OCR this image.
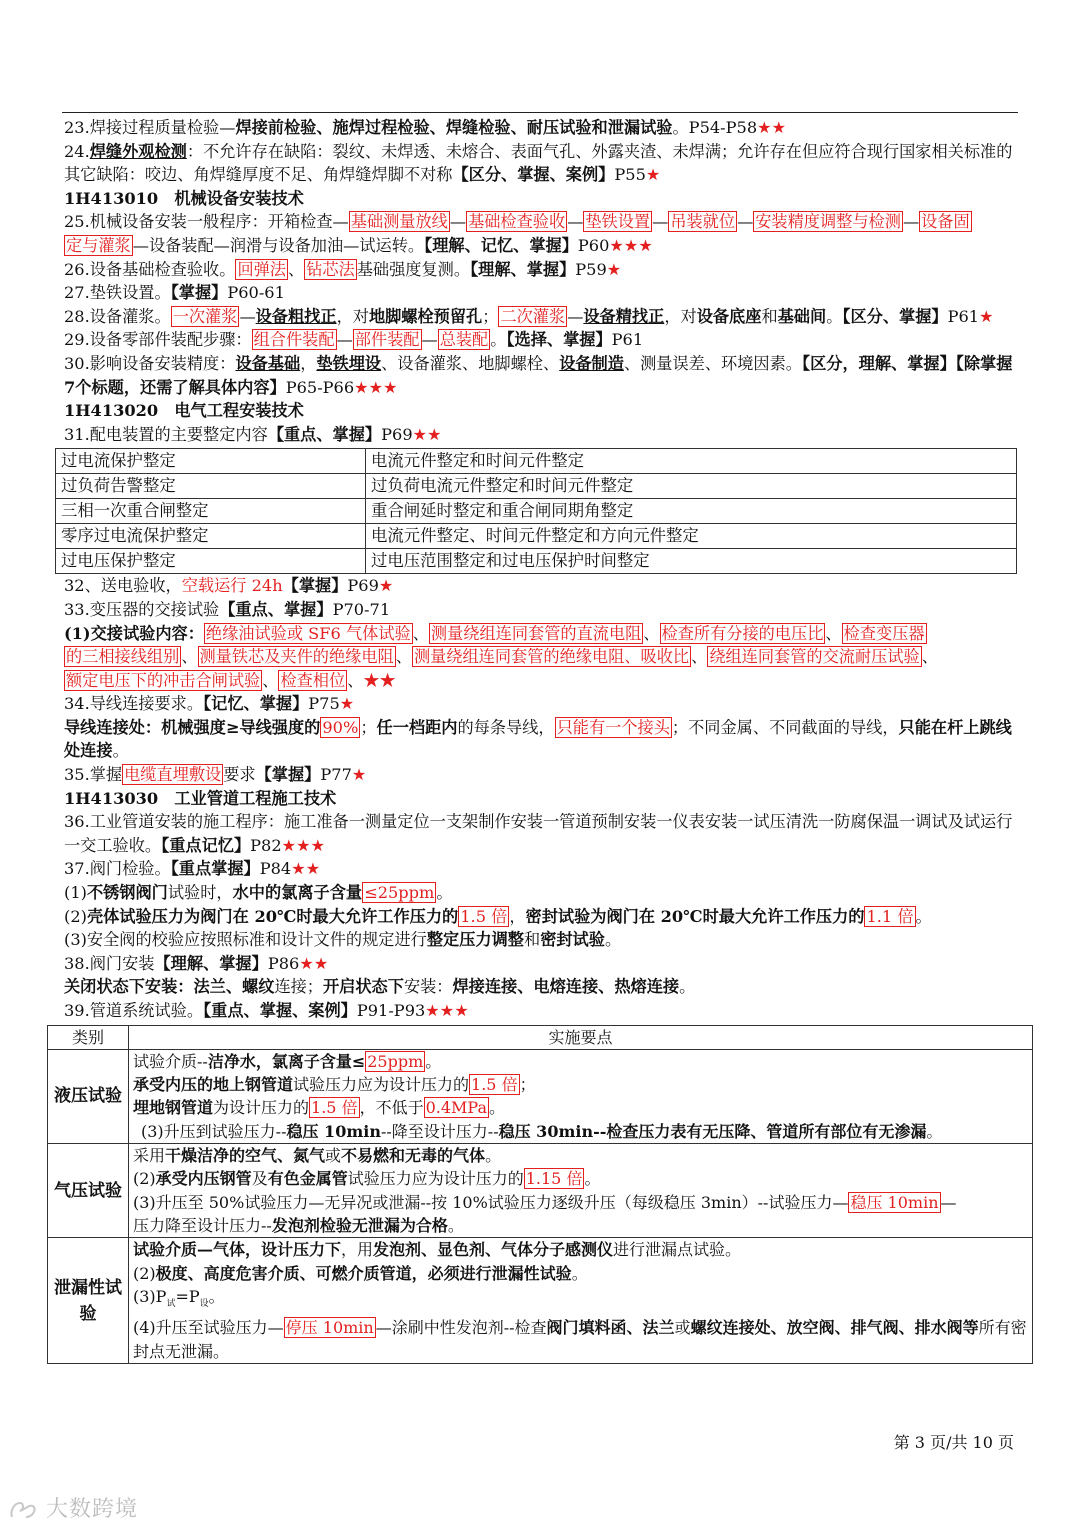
23.焊接过程质量检验—焊接前检验、施焊过程检验、焊缝检验、耐压试验和泄漏试验。P54-P58★★

24.焊缝外观检测：不允许存在缺陷：裂纹、未焊透、未熔合、表面气孔、外露夹渣、未焊满；允许存在但应符合现行国家相关标准的其它缺陷：咬边、角焊缝厚度不足、角焊缝焊脚不对称【区分、掌握、案例】P55★

1H413010　机械设备安装技术

25.机械设备安装一般程序：开箱检查— 基础测量放线 — 基础检查验收 — 垫铁设置 — 吊装就位 — 安装精度调整与检测 — 设备固
定与灌浆 —设备装配—润滑与设备加油—试运转。【理解、记忆、掌握】P60★★★

26.设备基础检查验收。 回弹法 、 钻芯法 基础强度复测。【理解、掌握】P59★

27.垫铁设置。【掌握】P60-61

28.设备灌浆。 一次灌浆 —设备粗找正，对地脚螺栓预留孔； 二次灌浆 —设备精找正，对设备底座和基础间。【区分、掌握】P61★

29.设备零部件装配步骤： 组合件装配 — 部件装配 — 总装配 。【选择、掌握】P61

30.影响设备安装精度：设备基础，垫铁埋设、设备灌浆、地脚螺栓、设备制造、测量误差、环境因素。【区分，理解、掌握】【除掌握7个标题，还需了解具体内容】P65-P66★★★

1H413020　电气工程安装技术

31.配电装置的主要整定内容【重点、掌握】P69★★

过电流保护整定	电流元件整定和时间元件整定
过负荷告警整定	过负荷电流元件整定和时间元件整定
三相一次重合闸整定	重合闸延时整定和重合闸同期角整定
零序过电流保护整定	电流元件整定、时间元件整定和方向元件整定
过电压保护整定	过电压范围整定和过电压保护时间整定

32、送电验收，空载运行 24h【掌握】P69★

33.变压器的交接试验【重点、掌握】P70-71

(1)交接试验内容： 绝缘油试验或 SF6 气体试验 、 测量绕组连同套管的直流电阻 、 检查所有分接的电压比 、 检查变压器
的三相接线组别 、 测量铁芯及夹件的绝缘电阻 、 测量绕组连同套管的绝缘电阻、吸收比 、 绕组连同套管的交流耐压试验 、
额定电压下的冲击合闸试验 、 检查相位 、★★

34.导线连接要求。【记忆、掌握】P75★

导线连接处：机械强度≥导线强度的 90% ；任一档距内的每条导线， 只能有一个接头 ；不同金属、不同截面的导线，只能在杆上跳线处连接。

35.掌握 电缆直埋敷设 要求【掌握】P77★

1H413030　工业管道工程施工技术

36.工业管道安装的施工程序：施工准备一测量定位一支架制作安装一管道预制安装一仪表安装一试压清洗一防腐保温一调试及试运行一交工验收。【重点记忆】P82★★★

37.阀门检验。【重点掌握】P84★★

(1)不锈钢阀门试验时，水中的氯离子含量 ≤25ppm 。

(2)壳体试验压力为阀门在 20℃时最大允许工作压力的 1.5 倍 ，密封试验为阀门在 20℃时最大允许工作压力的 1.1 倍 。

(3)安全阀的校验应按照标准和设计文件的规定进行整定压力调整和密封试验。

38.阀门安装【理解、掌握】P86★★

关闭状态下安装：法兰、螺纹连接；开启状态下安装：焊接连接、电熔连接、热熔连接。

39.管道系统试验。【重点、掌握、案例】P91-P93★★★

类别	实施要点
液压试验	试验介质--洁净水，氯离子含量≤ 25ppm 。
承受内压的地上钢管道试验压力应为设计压力的 1.5 倍 ；
埋地钢管道为设计压力的 1.5 倍 ，不低于 0.4MPa 。
(3)升压到试验压力--稳压 10min--降至设计压力--稳压 30min--检查压力表有无压降、管道所有部位有无渗漏。

气压试验	采用干燥洁净的空气、氮气或不易燃和无毒的气体。
(2)承受内压钢管及有色金属管试验压力应为设计压力的 1.15 倍 。
(3)升压至 50%试验压力—无异况或泄漏--按 10%试验压力逐级升压（每级稳压 3min）--试验压力— 稳压 10min —
压力降至设计压力--发泡剂检验无泄漏为合格。

泄漏性试验	试验介质—气体，设计压力下，用发泡剂、显色剂、气体分子感测仪进行泄漏点试验。
(2)极度、高度危害介质、可燃介质管道，必须进行泄漏性试验。
$(3)P_试=P_设$。
(4)升压至试验压力— 停压 10min —涂刷中性发泡剂--检查阀门填料函、法兰或螺纹连接处、放空阀、排气阀、排水阀等所有密封点无泄漏。
第 3 页/共 10 页
大数跨境
